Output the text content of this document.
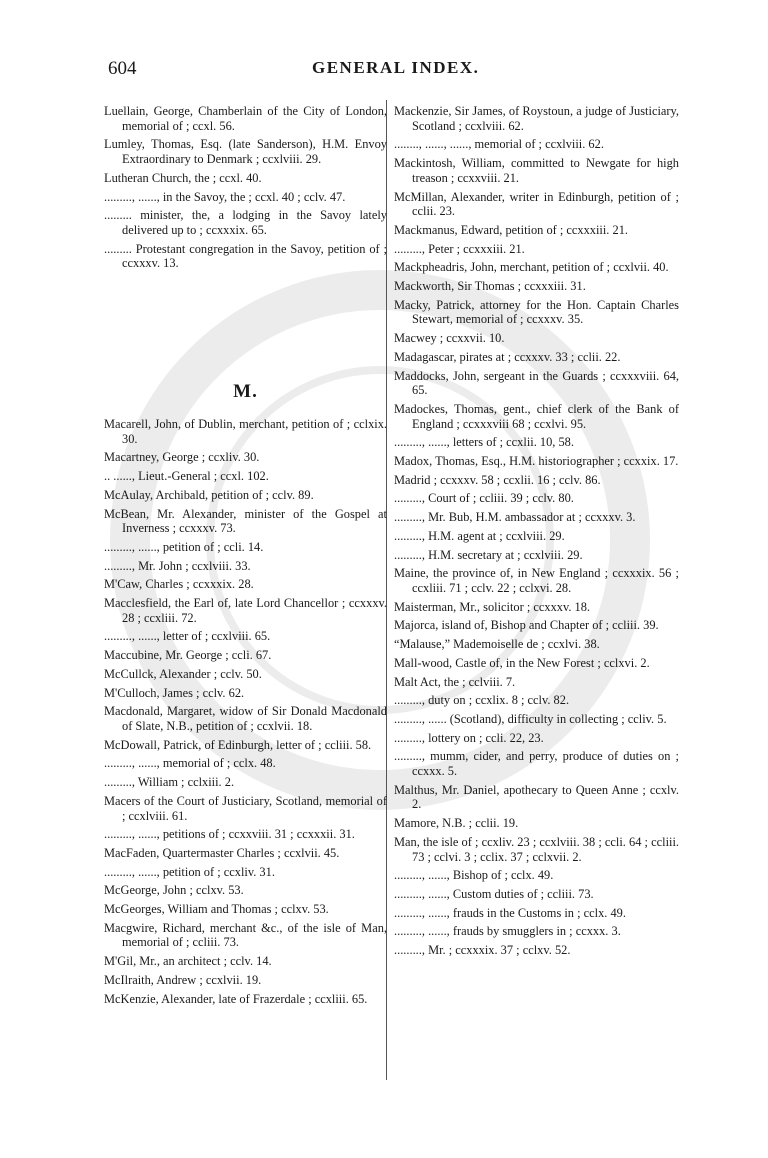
604	GENERAL INDEX.
Luellain, George, Chamberlain of the City of London, memorial of ; ccxl. 56.
Lumley, Thomas, Esq. (late Sanderson), H.M. Envoy Extraordinary to Denmark ; ccxlviii. 29.
Lutheran Church, the ; ccxl. 40.
........., ......, in the Savoy, the ; ccxl. 40 ; cclv. 47.
......... minister, the, a lodging in the Savoy lately delivered up to ; ccxxxix. 65.
......... Protestant congregation in the Savoy, petition of ; ccxxxv. 13.
M.
Macarell, John, of Dublin, merchant, petition of ; cclxix. 30.
Macartney, George ; ccxliv. 30.
.. ......, Lieut.-General ; ccxl. 102.
McAulay, Archibald, petition of ; cclv. 89.
McBean, Mr. Alexander, minister of the Gospel at Inverness ; ccxxxv. 73.
........., ......, petition of ; ccli. 14.
........., Mr. John ; ccxlviii. 33.
M'Caw, Charles ; ccxxxix. 28.
Macclesfield, the Earl of, late Lord Chancellor ; ccxxxv. 28 ; ccxliii. 72.
........., ......, letter of ; ccxlviii. 65.
Maccubine, Mr. George ; ccli. 67.
McCullck, Alexander ; cclv. 50.
M'Culloch, James ; cclv. 62.
Macdonald, Margaret, widow of Sir Donald Macdonald of Slate, N.B., petition of ; ccxlvii. 18.
McDowall, Patrick, of Edinburgh, letter of ; ccliii. 58.
........., ......, memorial of ; cclx. 48.
........., William ; cclxiii. 2.
Macers of the Court of Justiciary, Scotland, memorial of ; ccxlviii. 61.
........., ......, petitions of ; ccxxviii. 31 ; ccxxxii. 31.
MacFaden, Quartermaster Charles ; ccxlvii. 45.
........., ......, petition of ; ccxliv. 31.
McGeorge, John ; cclxv. 53.
McGeorges, William and Thomas ; cclxv. 53.
Macgwire, Richard, merchant &c., of the isle of Man, memorial of ; ccliii. 73.
M'Gil, Mr., an architect ; cclv. 14.
McIlraith, Andrew ; ccxlvii. 19.
McKenzie, Alexander, late of Frazerdale ; ccxliii. 65.
Mackenzie, Sir James, of Roystoun, a judge of Justiciary, Scotland ; ccxlviii. 62.
........, ......, ......, memorial of ; ccxlviii. 62.
Mackintosh, William, committed to Newgate for high treason ; ccxxviii. 21.
McMillan, Alexander, writer in Edinburgh, petition of ; cclii. 23.
Mackmanus, Edward, petition of ; ccxxxiii. 21.
........., Peter ; ccxxxiii. 21.
Mackpheadris, John, merchant, petition of ; ccxlvii. 40.
Mackworth, Sir Thomas ; ccxxxiii. 31.
Macky, Patrick, attorney for the Hon. Captain Charles Stewart, memorial of ; ccxxxv. 35.
Macwey ; ccxxvii. 10.
Madagascar, pirates at ; ccxxxv. 33 ; cclii. 22.
Maddocks, John, sergeant in the Guards ; ccxxxviii. 64, 65.
Madockes, Thomas, gent., chief clerk of the Bank of England ; ccxxxviii 68 ; ccxlvi. 95.
........., ......, letters of ; ccxlii. 10, 58.
Madox, Thomas, Esq., H.M. historiographer ; ccxxix. 17.
Madrid ; ccxxxv. 58 ; ccxlii. 16 ; cclv. 86.
........., Court of ; ccliii. 39 ; cclv. 80.
........., Mr. Bub, H.M. ambassador at ; ccxxxv. 3.
........., H.M. agent at ; ccxlviii. 29.
........., H.M. secretary at ; ccxlviii. 29.
Maine, the province of, in New England ; ccxxxix. 56 ; ccxliii. 71 ; cclv. 22 ; cclxvi. 28.
Maisterman, Mr., solicitor ; ccxxxv. 18.
Majorca, island of, Bishop and Chapter of ; ccliii. 39.
“Malause,” Mademoiselle de ; ccxlvi. 38.
Mall-wood, Castle of, in the New Forest ; cclxvi. 2.
Malt Act, the ; cclviii. 7.
........., duty on ; ccxlix. 8 ; cclv. 82.
........., ...... (Scotland), difficulty in collecting ; ccliv. 5.
........., lottery on ; ccli. 22, 23.
........., mumm, cider, and perry, produce of duties on ; ccxxx. 5.
Malthus, Mr. Daniel, apothecary to Queen Anne ; ccxlv. 2.
Mamore, N.B. ; cclii. 19.
Man, the isle of ; ccxliv. 23 ; ccxlviii. 38 ; ccli. 64 ; ccliii. 73 ; cclvi. 3 ; cclix. 37 ; cclxvii. 2.
........., ......, Bishop of ; cclx. 49.
........., ......, Custom duties of ; ccliii. 73.
........., ......, frauds in the Customs in ; cclx. 49.
........., ......, frauds by smugglers in ; ccxxx. 3.
........., Mr. ; ccxxxix. 37 ; cclxv. 52.
